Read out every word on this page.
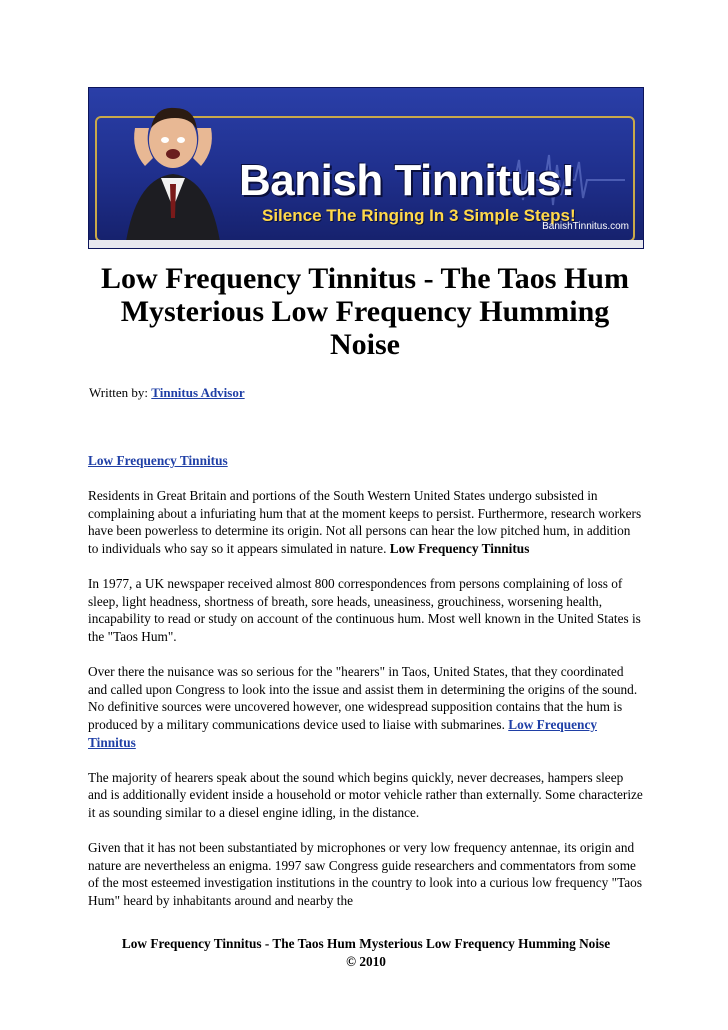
Banish Tinnitus!
Silence The Ringing In 3 Simple Steps!
BanishTinnitus.com
Low Frequency Tinnitus - The Taos Hum
Mysterious Low Frequency Humming
Noise
Written by: Tinnitus Advisor

Low Frequency Tinnitus

Residents in Great Britain and portions of the South Western United States undergo subsisted in complaining about a infuriating hum that at the moment keeps to persist. Furthermore, research workers have been powerless to determine its origin. Not all persons can hear the low pitched hum, in addition to individuals who say so it appears simulated in nature. Low Frequency Tinnitus

In 1977, a UK newspaper received almost 800 correspondences from persons complaining of loss of sleep, light headness, shortness of breath, sore heads, uneasiness, grouchiness, worsening health, incapability to read or study on account of the continuous hum. Most well known in the United States is the "Taos Hum".

Over there the nuisance was so serious for the "hearers" in Taos, United States, that they coordinated and called upon Congress to look into the issue and assist them in determining the origins of the sound. No definitive sources were uncovered however, one widespread supposition contains that the hum is produced by a military communications device used to liaise with submarines. Low Frequency Tinnitus

The majority of hearers speak about the sound which begins quickly, never decreases, hampers sleep and is additionally evident inside a household or motor vehicle rather than externally. Some characterize it as sounding similar to a diesel engine idling, in the distance.

Given that it has not been substantiated by microphones or very low frequency antennae, its origin and nature are nevertheless an enigma. 1997 saw Congress guide researchers and commentators from some of the most esteemed investigation institutions in the country to look into a curious low frequency "Taos Hum" heard by inhabitants around and nearby the

Low Frequency Tinnitus - The Taos Hum Mysterious Low Frequency Humming Noise
© 2010
